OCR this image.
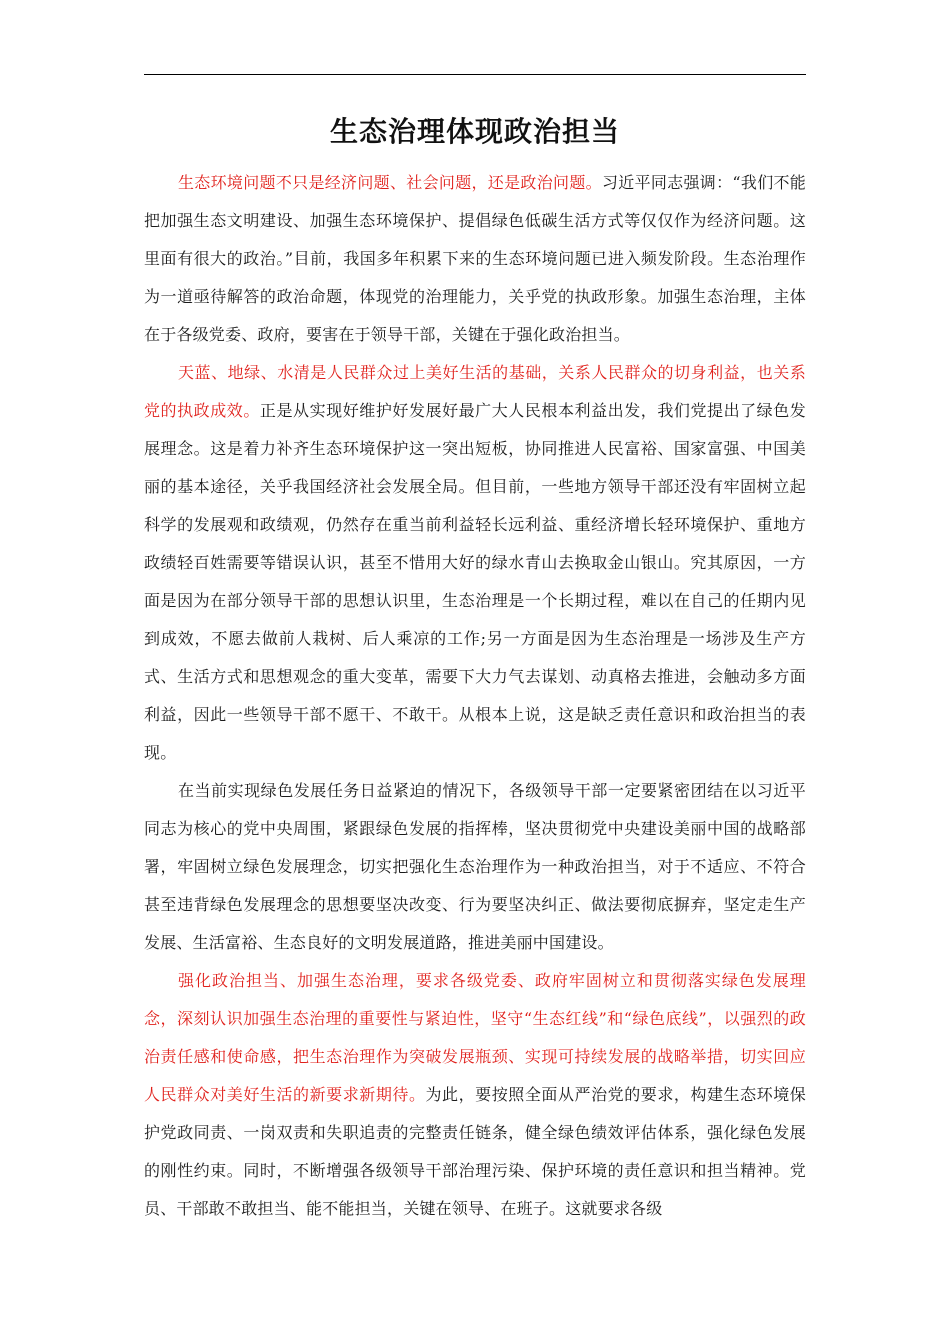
生态治理体现政治担当

生态环境问题不只是经济问题、社会问题，还是政治问题。习近平同志强调：“我们不能把加强生态文明建设、加强生态环境保护、提倡绿色低碳生活方式等仅仅作为经济问题。这里面有很大的政治。”目前，我国多年积累下来的生态环境问题已进入频发阶段。生态治理作为一道亟待解答的政治命题，体现党的治理能力，关乎党的执政形象。加强生态治理，主体在于各级党委、政府，要害在于领导干部，关键在于强化政治担当。

天蓝、地绿、水清是人民群众过上美好生活的基础，关系人民群众的切身利益，也关系党的执政成效。正是从实现好维护好发展好最广大人民根本利益出发，我们党提出了绿色发展理念。这是着力补齐生态环境保护这一突出短板，协同推进人民富裕、国家富强、中国美丽的基本途径，关乎我国经济社会发展全局。但目前，一些地方领导干部还没有牢固树立起科学的发展观和政绩观，仍然存在重当前利益轻长远利益、重经济增长轻环境保护、重地方政绩轻百姓需要等错误认识，甚至不惜用大好的绿水青山去换取金山银山。究其原因，一方面是因为在部分领导干部的思想认识里，生态治理是一个长期过程，难以在自己的任期内见到成效，不愿去做前人栽树、后人乘凉的工作;另一方面是因为生态治理是一场涉及生产方式、生活方式和思想观念的重大变革，需要下大力气去谋划、动真格去推进，会触动多方面利益，因此一些领导干部不愿干、不敢干。从根本上说，这是缺乏责任意识和政治担当的表现。

在当前实现绿色发展任务日益紧迫的情况下，各级领导干部一定要紧密团结在以习近平同志为核心的党中央周围，紧跟绿色发展的指挥棒，坚决贯彻党中央建设美丽中国的战略部署，牢固树立绿色发展理念，切实把强化生态治理作为一种政治担当，对于不适应、不符合甚至违背绿色发展理念的思想要坚决改变、行为要坚决纠正、做法要彻底摒弃，坚定走生产发展、生活富裕、生态良好的文明发展道路，推进美丽中国建设。

强化政治担当、加强生态治理，要求各级党委、政府牢固树立和贯彻落实绿色发展理念，深刻认识加强生态治理的重要性与紧迫性，坚守“生态红线”和“绿色底线”，以强烈的政治责任感和使命感，把生态治理作为突破发展瓶颈、实现可持续发展的战略举措，切实回应人民群众对美好生活的新要求新期待。为此，要按照全面从严治党的要求，构建生态环境保护党政同责、一岗双责和失职追责的完整责任链条，健全绿色绩效评估体系，强化绿色发展的刚性约束。同时，不断增强各级领导干部治理污染、保护环境的责任意识和担当精神。党员、干部敢不敢担当、能不能担当，关键在领导、在班子。这就要求各级
